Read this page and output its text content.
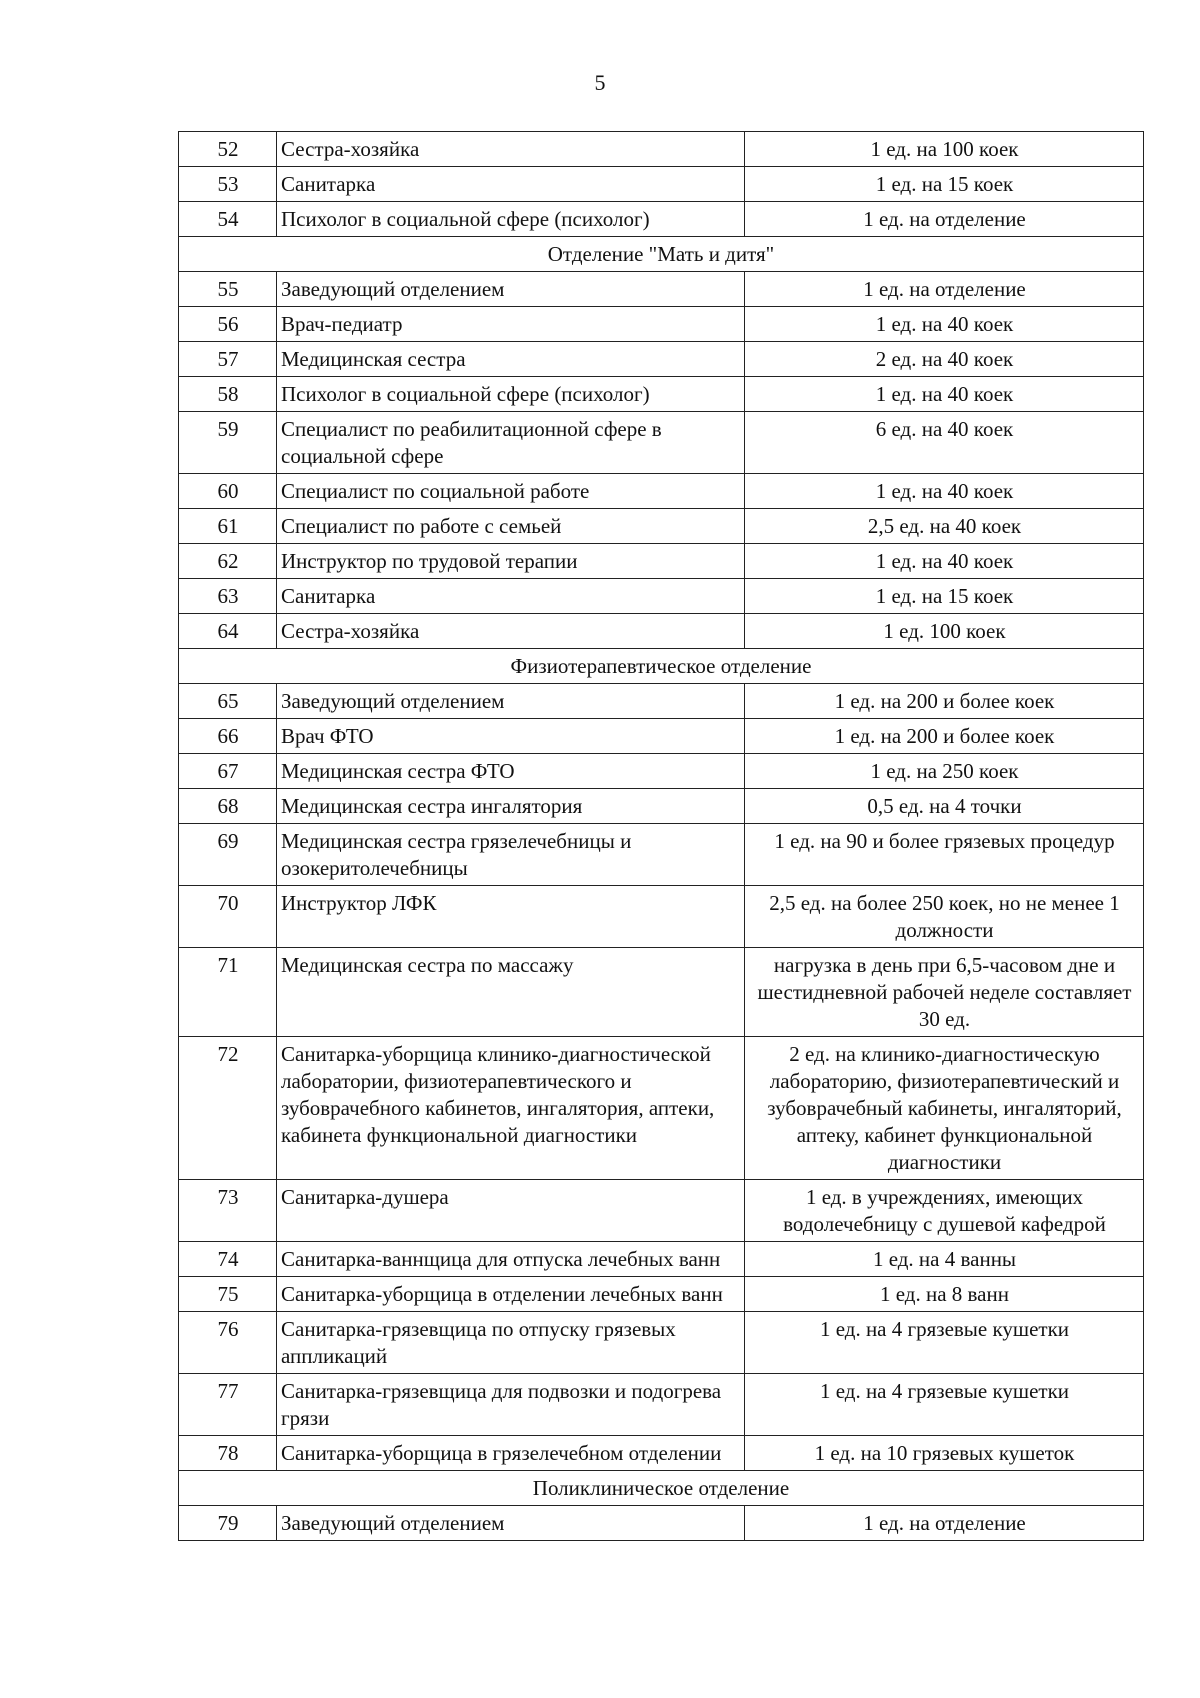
5
52	Сестра-хозяйка	1 ед. на 100 коек
53	Санитарка	1 ед. на 15 коек
54	Психолог в социальной сфере (психолог)	1 ед. на отделение
Отделение "Мать и дитя"		
55	Заведующий отделением	1 ед. на отделение
56	Врач-педиатр	1 ед. на 40 коек
57	Медицинская сестра	2 ед. на 40 коек
58	Психолог в социальной сфере (психолог)	1 ед. на 40 коек
59	Специалист по реабилитационной сфере в социальной сфере	6 ед. на 40 коек
60	Специалист по социальной работе	1 ед. на 40 коек
61	Специалист по работе с семьей	2,5 ед. на 40 коек
62	Инструктор по трудовой терапии	1 ед. на 40 коек
63	Санитарка	1 ед. на 15 коек
64	Сестра-хозяйка	1 ед. 100 коек
Физиотерапевтическое отделение		
65	Заведующий отделением	1 ед. на 200 и более коек
66	Врач ФТО	1 ед. на 200 и более коек
67	Медицинская сестра ФТО	1 ед. на 250 коек
68	Медицинская сестра ингалятория	0,5 ед. на 4 точки
69	Медицинская сестра грязелечебницы и озокеритолечебницы	1 ед. на 90 и более грязевых процедур
70	Инструктор ЛФК	2,5 ед. на более 250 коек, но не менее 1 должности
71	Медицинская сестра по массажу	нагрузка в день при 6,5-часовом дне и шестидневной рабочей неделе составляет 30 ед.
72	Санитарка-уборщица клинико-диагностической лаборатории, физиотерапевтического и зубоврачебного кабинетов, ингалятория, аптеки, кабинета функциональной диагностики	2 ед. на клинико-диагностическую лабораторию, физиотерапевтический и зубоврачебный кабинеты, ингаляторий, аптеку, кабинет функциональной диагностики
73	Санитарка-душера	1 ед. в учреждениях, имеющих водолечебницу с душевой кафедрой
74	Санитарка-ваннщица для отпуска лечебных ванн	1 ед. на 4 ванны
75	Санитарка-уборщица в отделении лечебных ванн	1 ед. на 8 ванн
76	Санитарка-грязевщица по отпуску грязевых аппликаций	1 ед. на 4 грязевые кушетки
77	Санитарка-грязевщица для подвозки и подогрева грязи	1 ед. на 4 грязевые кушетки
78	Санитарка-уборщица в грязелечебном отделении	1 ед. на 10 грязевых кушеток
Поликлиническое отделение		
79	Заведующий отделением	1 ед. на отделение
